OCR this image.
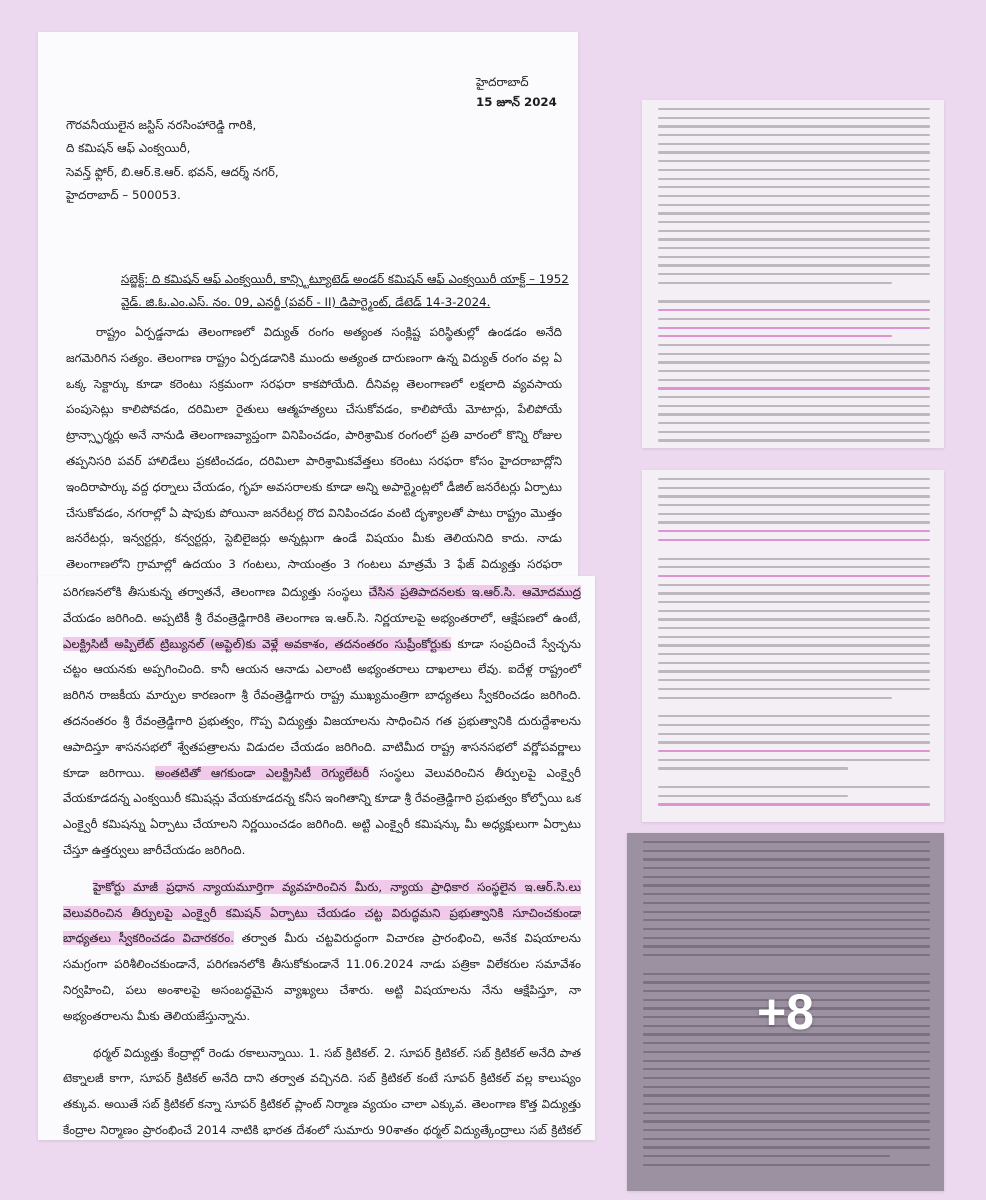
హైదరాబాద్
15 జూన్ 2024
గౌరవనీయులైన జస్టిస్ నరసింహారెడ్డి గారికి,
ది కమిషన్ ఆఫ్ ఎంక్వయిరీ,
సెవన్త్ ఫ్లోర్, బి.ఆర్.కె.ఆర్. భవన్, ఆదర్శ్ నగర్,
హైదరాబాద్ – 500053.
సబ్జెక్ట్: ది కమిషన్ ఆఫ్ ఎంక్వయిరీ, కాన్స్టిట్యూటెడ్ అండర్ కమిషన్ ఆఫ్ ఎంక్వయిరీ యాక్ట్ – 1952
వైడ్. జి.ఓ.ఎం.ఎస్. నం. 09, ఎనర్జీ (పవర్ - II) డిపార్ట్మెంట్, డేటెడ్ 14-3-2024.

రాష్ట్రం ఏర్పడ్డనాడు తెలంగాణలో విద్యుత్ రంగం అత్యంత సంక్లిష్ట పరిస్థితుల్లో ఉండడం అనేది జగమెరిగిన సత్యం. తెలంగాణ రాష్ట్రం ఏర్పడడానికి ముందు అత్యంత దారుణంగా ఉన్న విద్యుత్ రంగం వల్ల ఏ ఒక్క సెక్టార్కు కూడా కరెంటు సక్రమంగా సరఫరా కాకపోయేది. దీనివల్ల తెలంగాణలో లక్షలాది వ్యవసాయ పంపుసెట్లు కాలిపోవడం, దరిమిలా రైతులు ఆత్మహత్యలు చేసుకోవడం, కాలిపోయే మోటార్లు, పేలిపోయే ట్రాన్స్ఫార్మర్లు అనే నానుడి తెలంగాణవ్యాప్తంగా వినిపించడం, పారిశ్రామిక రంగంలో ప్రతి వారంలో కొన్ని రోజుల తప్పనిసరి పవర్ హాలిడేలు ప్రకటించడం, దరిమిలా పారిశ్రామికవేత్తలు కరెంటు సరఫరా కోసం హైదరాబాద్లోని ఇందిరాపార్కు వద్ద ధర్నాలు చేయడం, గృహ అవసరాలకు కూడా అన్ని అపార్ట్మెంట్లలో డీజిల్ జనరేటర్లు ఏర్పాటు చేసుకోవడం, నగరాల్లో ఏ షాపుకు పోయినా జనరేటర్ల రొద వినిపించడం వంటి దృశ్యాలతో పాటు రాష్ట్రం మొత్తం జనరేటర్లు, ఇన్వర్టర్లు, కన్వర్టర్లు, స్టెబిలైజర్లు అన్నట్లుగా ఉండే విషయం మీకు తెలియనిది కాదు. నాడు తెలంగాణలోని గ్రామాల్లో ఉదయం 3 గంటలు, సాయంత్రం 3 గంటలు మాత్రమే 3 ఫేజ్ విద్యుత్తు సరఫరా

పరిగణనలోకి తీసుకున్న తర్వాతనే, తెలంగాణ విద్యుత్తు సంస్థలు చేసిన ప్రతిపాదనలకు ఇ.ఆర్.సి. ఆమోదముద్ర వేయడం జరిగింది. అప్పటికీ శ్రీ రేవంత్రెడ్డిగారికి తెలంగాణ ఇ.ఆర్.సి. నిర్ణయాలపై అభ్యంతరాలో, ఆక్షేపణలో ఉంటే, ఎలక్ట్రిసిటీ అప్పిలేట్ ట్రిబ్యునల్ (అప్టెల్)కు వెళ్లే అవకాశం, తదనంతరం సుప్రీంకోర్టుకు కూడా సంప్రదించే స్వేచ్ఛను చట్టం ఆయనకు అప్పగించింది. కానీ ఆయన ఆనాడు ఎలాంటి అభ్యంతరాలు దాఖలాలు లేవు. ఐదేళ్ల రాష్ట్రంలో జరిగిన రాజకీయ మార్పుల కారణంగా శ్రీ రేవంత్రెడ్డిగారు రాష్ట్ర ముఖ్యమంత్రిగా బాధ్యతలు స్వీకరించడం జరిగింది. తదనంతరం శ్రీ రేవంత్రెడ్డిగారి ప్రభుత్వం, గొప్ప విద్యుత్తు విజయాలను సాధించిన గత ప్రభుత్వానికి దురుద్దేశాలను ఆపాదిస్తూ శాసనసభలో శ్వేతపత్రాలను విడుదల చేయడం జరిగింది. వాటిమీద రాష్ట్ర శాసనసభలో వర్ణోపవర్ణాలు కూడా జరిగాయి. అంతటితో ఆగకుండా ఎలక్ట్రిసిటీ రెగ్యులేటరీ సంస్థలు వెలువరించిన తీర్పులపై ఎంక్వైరీ వేయకూడదన్న ఎంక్వయిరీ కమిషన్లు వేయకూడదన్న కనీస ఇంగితాన్ని కూడా శ్రీ రేవంత్రెడ్డిగారి ప్రభుత్వం కోల్పోయి ఒక ఎంక్వైరీ కమిషన్ను ఏర్పాటు చేయాలని నిర్ణయించడం జరిగింది. అట్టి ఎంక్వైరీ కమిషన్కు మీ అధ్యక్షులుగా ఏర్పాటు చేస్తూ ఉత్తర్వులు జారీచేయడం జరిగింది.

హైకోర్టు మాజీ ప్రధాన న్యాయమూర్తిగా వ్యవహరించిన మీరు, న్యాయ ప్రాధికార సంస్థలైన ఇ.ఆర్.సి.లు వెలువరించిన తీర్పులపై ఎంక్వైరీ కమిషన్ ఏర్పాటు చేయడం చట్ట విరుద్ధమని ప్రభుత్వానికి సూచించకుండా బాధ్యతలు స్వీకరించడం విచారకరం. తర్వాత మీరు చట్టవిరుద్ధంగా విచారణ ప్రారంభించి, అనేక విషయాలను సమగ్రంగా పరిశీలించకుండానే, పరిగణనలోకి తీసుకోకుండానే 11.06.2024 నాడు పత్రికా విలేకరుల సమావేశం నిర్వహించి, పలు అంశాలపై అసంబద్ధమైన వ్యాఖ్యలు చేశారు. అట్టి విషయాలను నేను ఆక్షేపిస్తూ, నా అభ్యంతరాలను మీకు తెలియజేస్తున్నాను.

థర్మల్ విద్యుత్తు కేంద్రాల్లో రెండు రకాలున్నాయి. 1. సబ్ క్రిటికల్. 2. సూపర్ క్రిటికల్. సబ్ క్రిటికల్ అనేది పాత టెక్నాలజీ కాగా, సూపర్ క్రిటికల్ అనేది దాని తర్వాత వచ్చినది. సబ్ క్రిటికల్ కంటే సూపర్ క్రిటికల్ వల్ల కాలుష్యం తక్కువ. అయితే సబ్ క్రిటికల్ కన్నా సూపర్ క్రిటికల్ ప్లాంట్ నిర్మాణ వ్యయం చాలా ఎక్కువ. తెలంగాణ కొత్త విద్యుత్తు కేంద్రాల నిర్మాణం ప్రారంభించే 2014 నాటికి భారత దేశంలో సుమారు 90శాతం థర్మల్ విద్యుత్కేంద్రాలు సబ్ క్రిటికల్

+8
